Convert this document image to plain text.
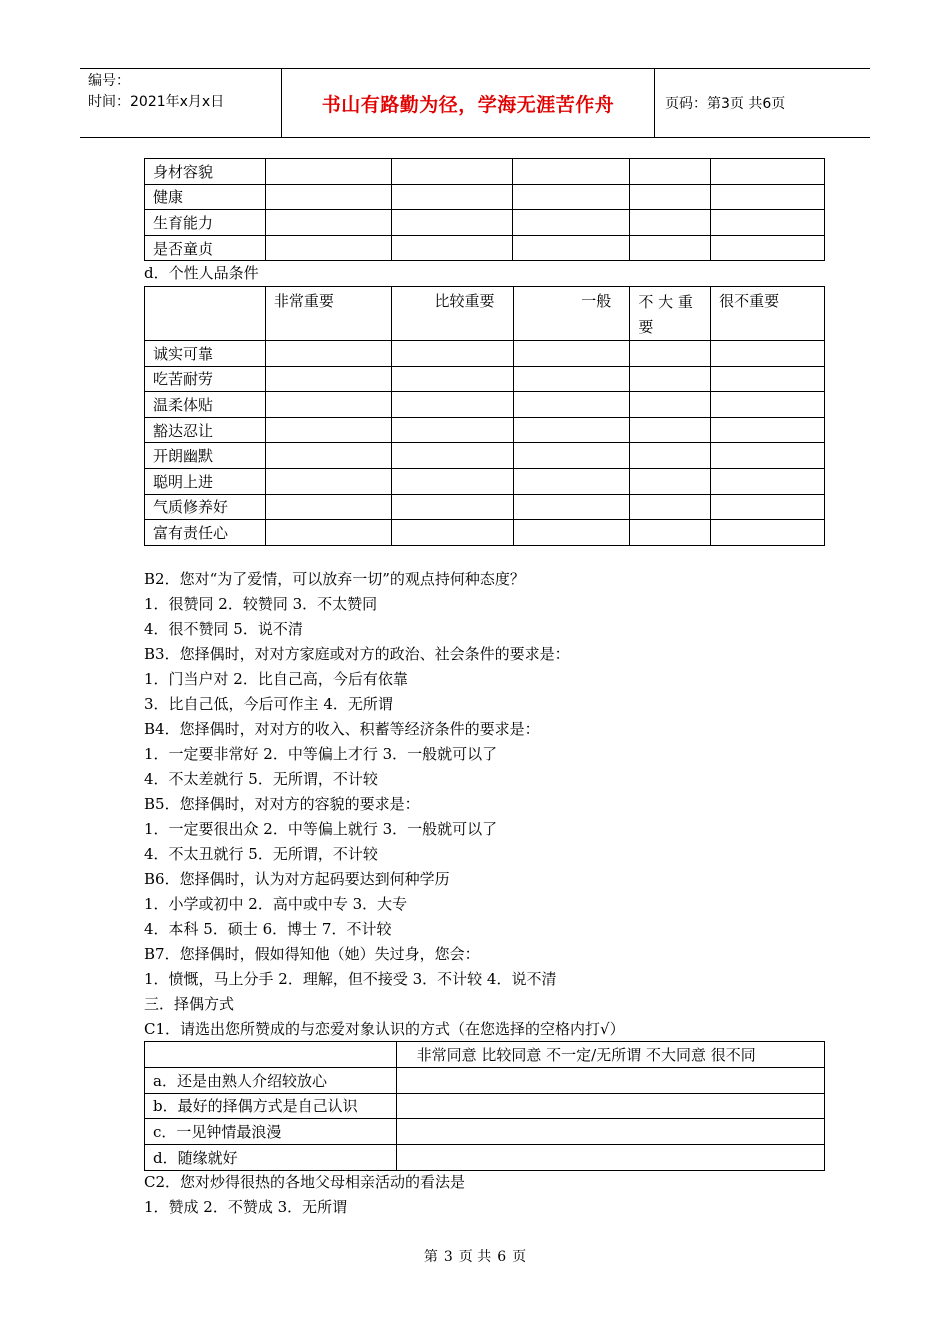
编号：
时间：2021年x月x日	书山有路勤为径，学海无涯苦作舟	页码：第3页 共6页
身材容貌					
健康					
生育能力					
是否童贞					
d．个性人品条件
	非常重要	比较重要	一般	不 大 重 要	很不重要
诚实可靠					
吃苦耐劳					
温柔体贴					
豁达忍让					
开朗幽默					
聪明上进					
气质修养好					
富有责任心					
B2．您对“为了爱情，可以放弃一切”的观点持何种态度？
1．很赞同 2．较赞同 3．不太赞同
4．很不赞同 5．说不清
B3．您择偶时，对对方家庭或对方的政治、社会条件的要求是：
1．门当户对 2．比自己高，今后有依靠
3．比自己低，今后可作主 4．无所谓
B4．您择偶时，对对方的收入、积蓄等经济条件的要求是：
1．一定要非常好 2．中等偏上才行 3．一般就可以了
4．不太差就行 5．无所谓，不计较
B5．您择偶时，对对方的容貌的要求是：
1．一定要很出众 2．中等偏上就行 3．一般就可以了
4．不太丑就行 5．无所谓，不计较
B6．您择偶时，认为对方起码要达到何种学历
1．小学或初中 2．高中或中专 3．大专
4．本科 5．硕士 6．博士 7．不计较
B7．您择偶时，假如得知他（她）失过身，您会：
1．愤慨，马上分手 2．理解，但不接受 3．不计较 4．说不清
三．择偶方式
C1．请选出您所赞成的与恋爱对象认识的方式（在您选择的空格内打√）
	非常同意 比较同意 不一定/无所谓 不大同意 很不同
a．还是由熟人介绍较放心	
b．最好的择偶方式是自己认识	
c．一见钟情最浪漫	
d．随缘就好	
C2．您对炒得很热的各地父母相亲活动的看法是
1．赞成 2．不赞成 3．无所谓
第 3 页 共 6 页
